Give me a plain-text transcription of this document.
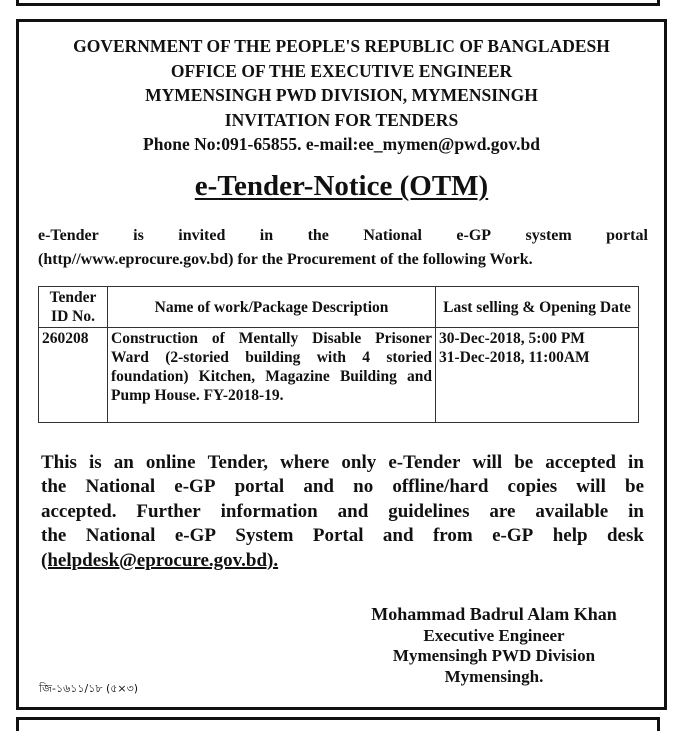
GOVERNMENT OF THE PEOPLE'S REPUBLIC OF BANGLADESH
OFFICE OF THE EXECUTIVE ENGINEER
MYMENSINGH PWD DIVISION, MYMENSINGH
INVITATION FOR TENDERS
Phone No:091-65855. e-mail:ee_mymen@pwd.gov.bd
e-Tender-Notice (OTM)
e-Tender is invited in the National e-GP system portal
(http//www.eprocure.gov.bd) for the Procurement of the following Work.
Tender ID No.	Name of work/Package Description	Last selling & Opening Date
260208	Construction of Mentally Disable Prisoner Ward (2-storied building with 4 storied foundation) Kitchen, Magazine Building and Pump House. FY-2018-19.	30-Dec-2018, 5:00 PM
31-Dec-2018, 11:00AM
This is an online Tender, where only e-Tender will be accepted in
the National e-GP portal and no offline/hard copies will be
accepted. Further information and guidelines are available in
the National e-GP System Portal and from e-GP help desk
(helpdesk@eprocure.gov.bd).
Mohammad Badrul Alam Khan
Executive Engineer
Mymensingh PWD Division
Mymensingh.
জি-১৬১১/১৮ (৫×৩)
